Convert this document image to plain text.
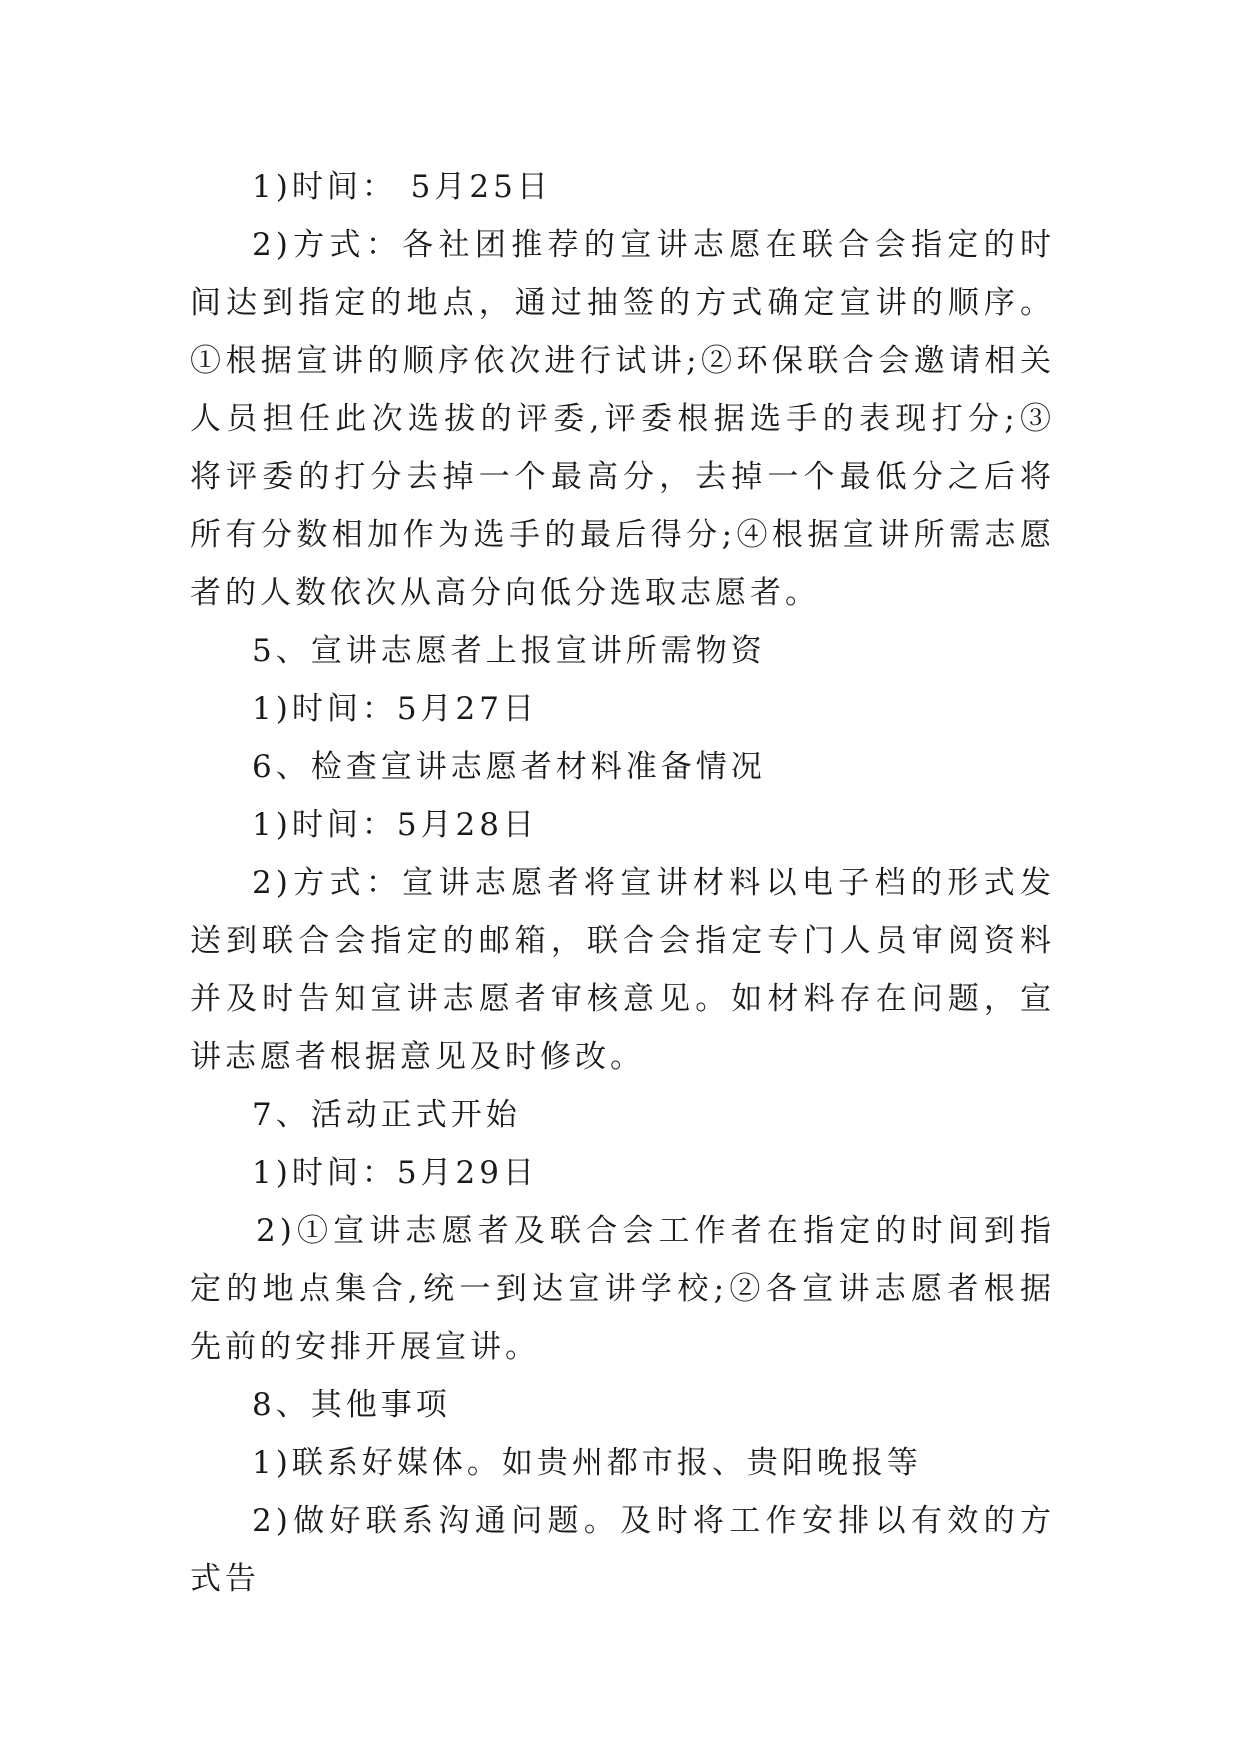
1)时间： 5月25日

2)方式：各社团推荐的宣讲志愿在联合会指定的时间达到指定的地点，通过抽签的方式确定宣讲的顺序。①根据宣讲的顺序依次进行试讲;②环保联合会邀请相关人员担任此次选拔的评委,评委根据选手的表现打分;③将评委的打分去掉一个最高分，去掉一个最低分之后将所有分数相加作为选手的最后得分;④根据宣讲所需志愿者的人数依次从高分向低分选取志愿者。

5、宣讲志愿者上报宣讲所需物资

1)时间：5月27日

6、检查宣讲志愿者材料准备情况

1)时间：5月28日

2)方式：宣讲志愿者将宣讲材料以电子档的形式发送到联合会指定的邮箱，联合会指定专门人员审阅资料并及时告知宣讲志愿者审核意见。如材料存在问题，宣讲志愿者根据意见及时修改。

7、活动正式开始

1)时间：5月29日

2)①宣讲志愿者及联合会工作者在指定的时间到指定的地点集合,统一到达宣讲学校;②各宣讲志愿者根据先前的安排开展宣讲。

8、其他事项

1)联系好媒体。如贵州都市报、贵阳晚报等

2)做好联系沟通问题。及时将工作安排以有效的方式告
